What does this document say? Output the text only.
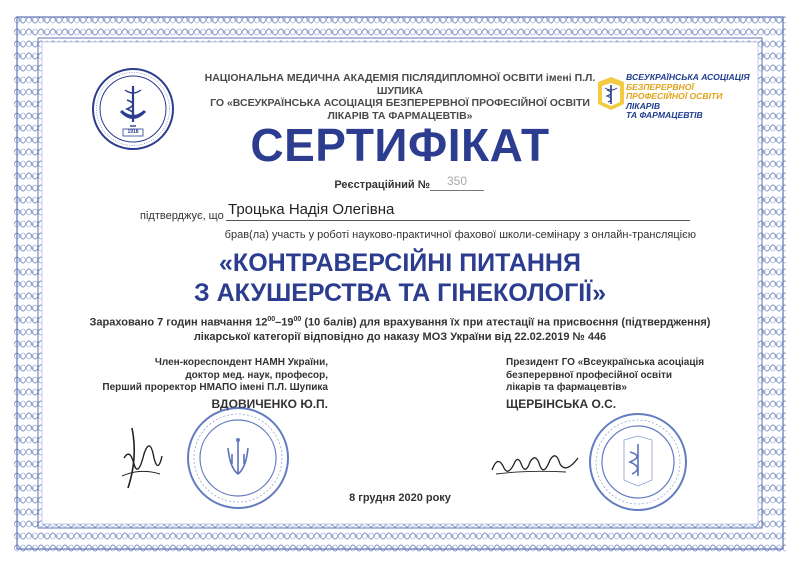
1918
НАЦІОНАЛЬНА МЕДИЧНА АКАДЕМІЯ ПІСЛЯДИПЛОМНОЇ ОСВІТИ імені П.Л. ШУПИКА
ГО «ВСЕУКРАЇНСЬКА АСОЦІАЦІЯ БЕЗПЕРЕРВНОЇ ПРОФЕСІЙНОЇ ОСВІТИ
ЛІКАРІВ ТА ФАРМАЦЕВТІВ»
ВСЕУКРАЇНСЬКА АСОЦІАЦІЯ
БЕЗПЕРЕРВНОЇ
ПРОФЕСІЙНОЇ ОСВІТИ
ЛІКАРІВ
ТА ФАРМАЦЕВТІВ
СЕРТИФІКАТ
Реєстраційний №	350
підтверджує, що Троцька Надія Олегівна
брав(ла) участь у роботі науково-практичної фахової школи-семінару з онлайн-трансляцією
«КОНТРАВЕРСІЙНІ ПИТАННЯ
З АКУШЕРСТВА ТА ГІНЕКОЛОГІЇ»
Зараховано 7 годин навчання $12^{00}-19^{00}$ (10 балів) для врахування їх при атестації на присвоєння (підтвердження)
лікарської категорії відповідно до наказу МОЗ України від 22.02.2019 № 446
Член-кореспондент НАМН України,
доктор мед. наук, професор,
Перший проректор НМАПО імені П.Л. Шупика
ВДОВИЧЕНКО Ю.П.
Президент ГО «Всеукраїнська асоціація
безперервної професійної освіти
лікарів та фармацевтів»
ЩЕРБІНСЬКА О.С.
8 грудня 2020 року
